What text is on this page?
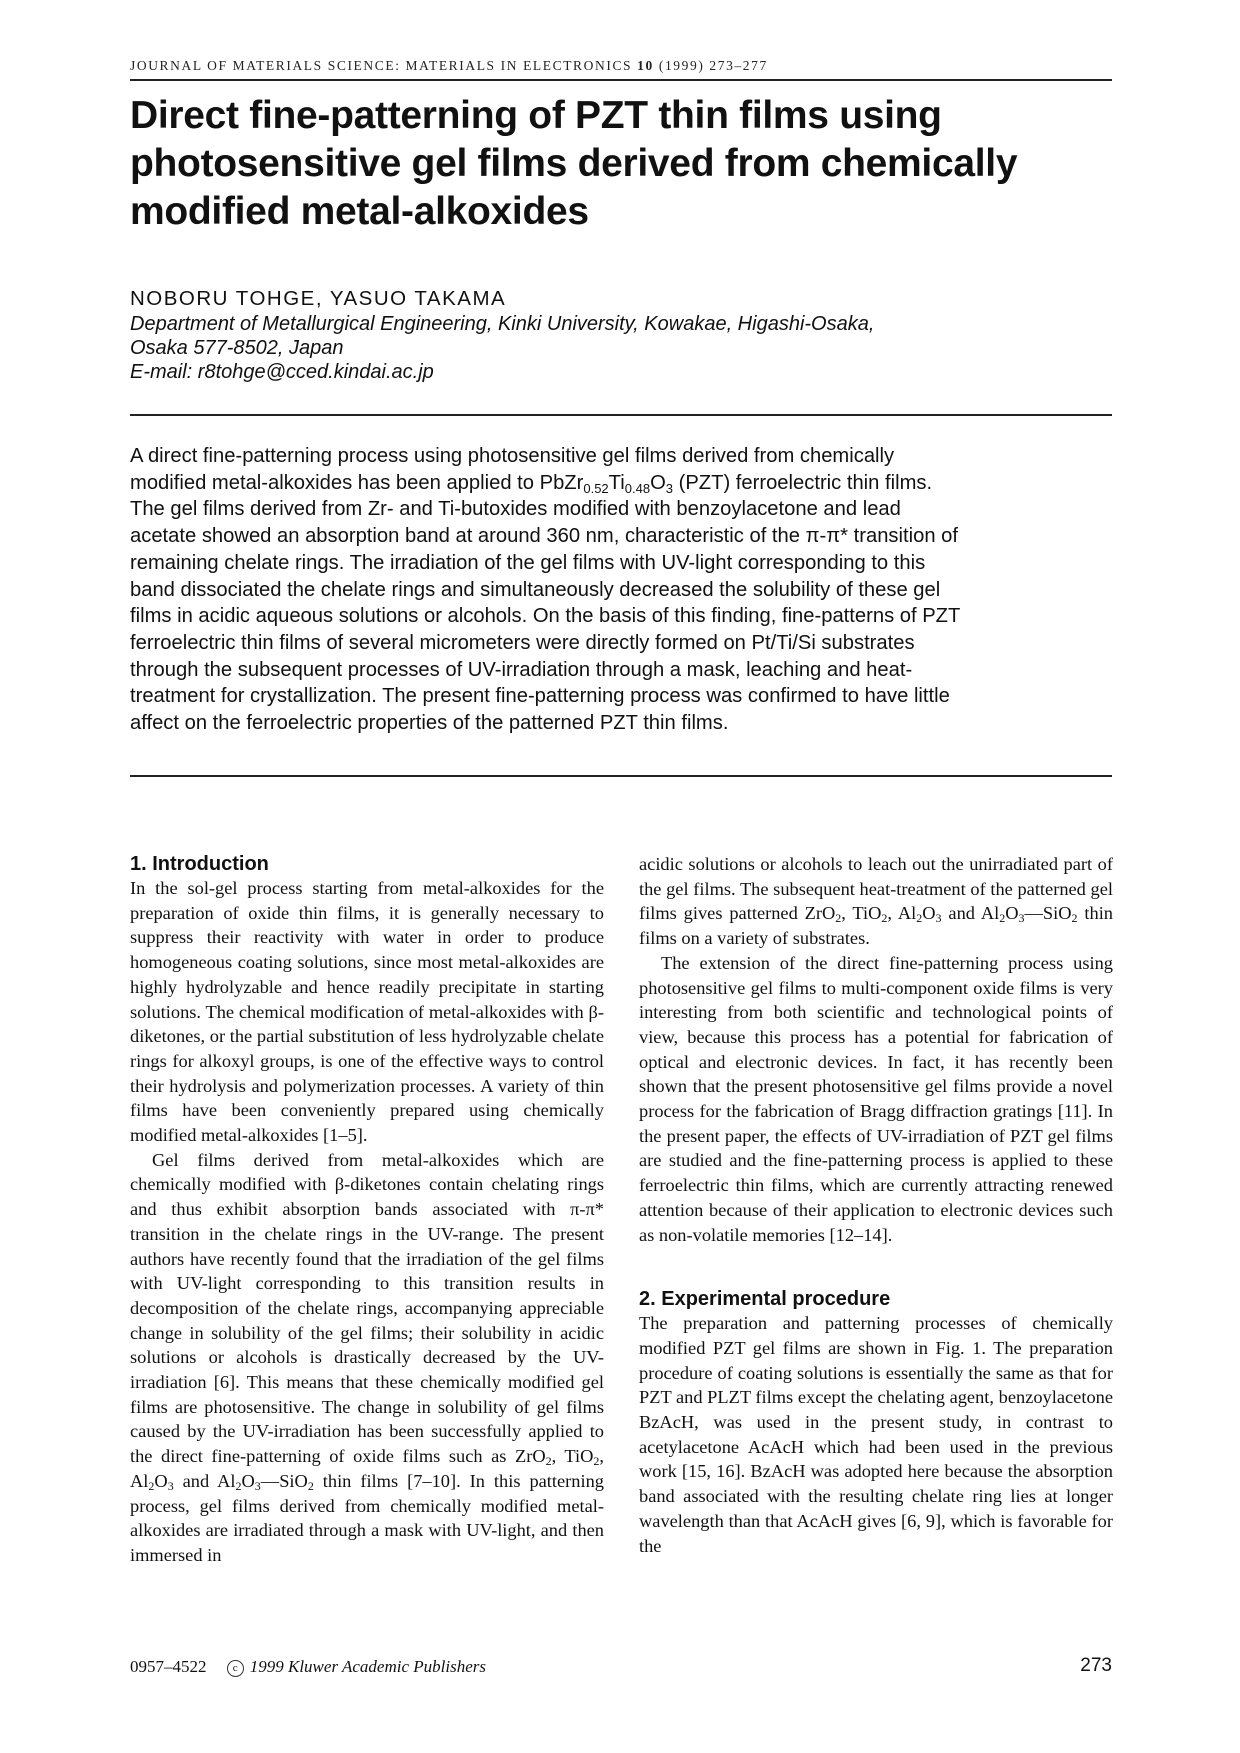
JOURNAL OF MATERIALS SCIENCE: MATERIALS IN ELECTRONICS 10 (1999) 273–277
Direct fine-patterning of PZT thin films using
photosensitive gel films derived from chemically
modified metal-alkoxides
NOBORU TOHGE, YASUO TAKAMA
Department of Metallurgical Engineering, Kinki University, Kowakae, Higashi-Osaka,
Osaka 577-8502, Japan
E-mail: r8tohge@cced.kindai.ac.jp
A direct fine-patterning process using photosensitive gel films derived from chemically
modified metal-alkoxides has been applied to $PbZr_{0.52}Ti_{0.48}O_3$ (PZT) ferroelectric thin films.
The gel films derived from Zr- and Ti-butoxides modified with benzoylacetone and lead
acetate showed an absorption band at around 360 nm, characteristic of the π-π* transition of
remaining chelate rings. The irradiation of the gel films with UV-light corresponding to this
band dissociated the chelate rings and simultaneously decreased the solubility of these gel
films in acidic aqueous solutions or alcohols. On the basis of this finding, fine-patterns of PZT
ferroelectric thin films of several micrometers were directly formed on Pt/Ti/Si substrates
through the subsequent processes of UV-irradiation through a mask, leaching and heat-
treatment for crystallization. The present fine-patterning process was confirmed to have little
affect on the ferroelectric properties of the patterned PZT thin films.
1. Introduction

In the sol-gel process starting from metal-alkoxides for the preparation of oxide thin films, it is generally necessary to suppress their reactivity with water in order to produce homogeneous coating solutions, since most metal-alkoxides are highly hydrolyzable and hence readily precipitate in starting solutions. The chemical modification of metal-alkoxides with β-diketones, or the partial substitution of less hydrolyzable chelate rings for alkoxyl groups, is one of the effective ways to control their hydrolysis and polymerization processes. A variety of thin films have been conveniently prepared using chemically modified metal-alkoxides [1–5].

Gel films derived from metal-alkoxides which are chemically modified with β-diketones contain chelating rings and thus exhibit absorption bands associated with π-π* transition in the chelate rings in the UV-range. The present authors have recently found that the irradiation of the gel films with UV-light corresponding to this transition results in decomposition of the chelate rings, accompanying appreciable change in solubility of the gel films; their solubility in acidic solutions or alcohols is drastically decreased by the UV-irradiation [6]. This means that these chemically modified gel films are photosensitive. The change in solubility of gel films caused by the UV-irradiation has been successfully applied to the direct fine-patterning of oxide films such as ZrO$_2$, TiO$_2$, $Al_2O_3$ and $Al_2O_3—SiO_2$ thin films [7–10]. In this patterning process, gel films derived from chemically modified metal-alkoxides are irradiated through a mask with UV-light, and then immersed in

acidic solutions or alcohols to leach out the unirradiated part of the gel films. The subsequent heat-treatment of the patterned gel films gives patterned ZrO$_2$, TiO$_2$, $Al_2O_3$ and $Al_2O_3—SiO_2$ thin films on a variety of substrates.

The extension of the direct fine-patterning process using photosensitive gel films to multi-component oxide films is very interesting from both scientific and technological points of view, because this process has a potential for fabrication of optical and electronic devices. In fact, it has recently been shown that the present photosensitive gel films provide a novel process for the fabrication of Bragg diffraction gratings [11]. In the present paper, the effects of UV-irradiation of PZT gel films are studied and the fine-patterning process is applied to these ferroelectric thin films, which are currently attracting renewed attention because of their application to electronic devices such as non-volatile memories [12–14].

2. Experimental procedure

The preparation and patterning processes of chemically modified PZT gel films are shown in Fig. 1. The preparation procedure of coating solutions is essentially the same as that for PZT and PLZT films except the chelating agent, benzoylacetone BzAcH, was used in the present study, in contrast to acetylacetone AcAcH which had been used in the previous work [15, 16]. BzAcH was adopted here because the absorption band associated with the resulting chelate ring lies at longer wavelength than that AcAcH gives [6, 9], which is favorable for the

0957–4522 c 1999 Kluwer Academic Publishers	273
